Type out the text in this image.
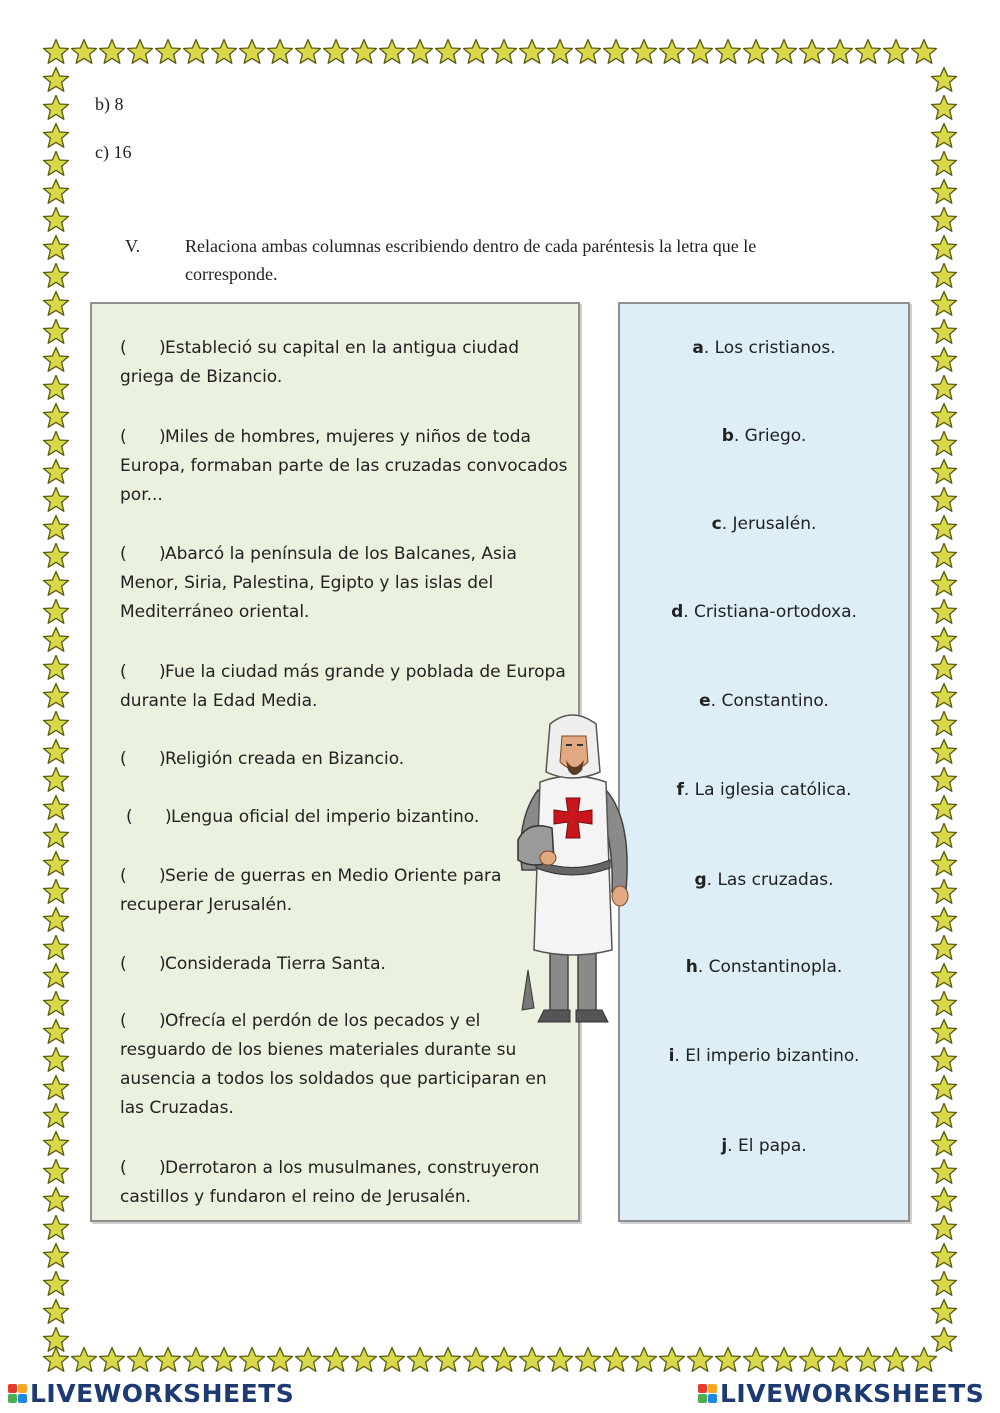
b) 8
c) 16
V. Relaciona ambas columnas escribiendo dentro de cada paréntesis la letra que le corresponde.
(      )Estableció su capital en la antigua ciudad griega de Bizancio.
(      )Miles de hombres, mujeres y niños de toda Europa, formaban parte de las cruzadas convocados por...
(      )Abarcó la península de los Balcanes, Asia Menor, Siria, Palestina, Egipto y las islas del Mediterráneo oriental.
(      )Fue la ciudad más grande y poblada de Europa durante la Edad Media.
(      )Religión creada en Bizancio.
(      )Lengua oficial del imperio bizantino.
(      )Serie de guerras en Medio Oriente para recuperar Jerusalén.
(      )Considerada Tierra Santa.
(      )Ofrecía el perdón de los pecados y el resguardo de los bienes materiales durante su ausencia a todos los soldados que participaran en las Cruzadas.
(      )Derrotaron a los musulmanes, construyeron castillos y fundaron el reino de Jerusalén.
a. Los cristianos.
b. Griego.
c. Jerusalén.
d. Cristiana-ortodoxa.
e. Constantino.
f. La iglesia católica.
g. Las cruzadas.
h. Constantinopla.
i. El imperio bizantino.
j. El papa.
LIVEWORKSHEETS	LIVEWORKSHEETS
